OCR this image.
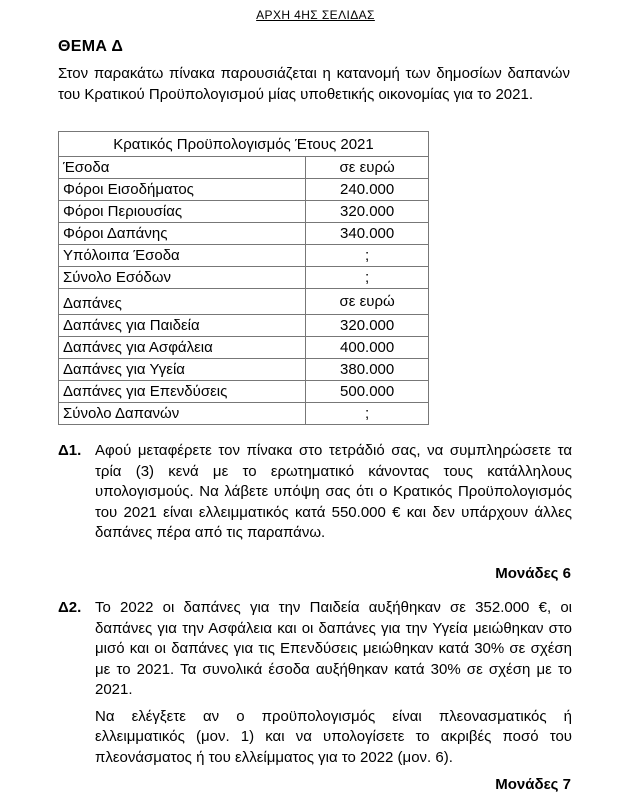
ΑΡΧΗ 4ΗΣ ΣΕΛΙΔΑΣ
ΘΕΜΑ Δ
Στον παρακάτω πίνακα παρουσιάζεται η κατανομή των δημοσίων δαπανών του Κρατικού Προϋπολογισμού μίας υποθετικής οικονομίας για το 2021.
Κρατικός Προϋπολογισμός Έτους 2021	
Έσοδα	σε ευρώ
Φόροι Εισοδήματος	240.000
Φόροι Περιουσίας	320.000
Φόροι Δαπάνης	340.000
Υπόλοιπα Έσοδα	;
Σύνολο Εσόδων	;
Δαπάνες	σε ευρώ
Δαπάνες για Παιδεία	320.000
Δαπάνες για Ασφάλεια	400.000
Δαπάνες για Υγεία	380.000
Δαπάνες για Επενδύσεις	500.000
Σύνολο Δαπανών	;
Δ1. Αφού μεταφέρετε τον πίνακα στο τετράδιό σας, να συμπληρώσετε τα τρία (3) κενά με το ερωτηματικό κάνοντας τους κατάλληλους υπολογισμούς. Να λάβετε υπόψη σας ότι ο Κρατικός Προϋπολογισμός του 2021 είναι ελλειμματικός κατά 550.000 € και δεν υπάρχουν άλλες δαπάνες πέρα από τις παραπάνω.

Μονάδες 6
Δ2. Το 2022 οι δαπάνες για την Παιδεία αυξήθηκαν σε 352.000 €, οι δαπάνες για την Ασφάλεια και οι δαπάνες για την Υγεία μειώθηκαν στο μισό και οι δαπάνες για τις Επενδύσεις μειώθηκαν κατά 30% σε σχέση με το 2021. Τα συνολικά έσοδα αυξήθηκαν κατά 30% σε σχέση με το 2021.

Να ελέγξετε αν ο προϋπολογισμός είναι πλεονασματικός ή ελλειμματικός (μον. 1) και να υπολογίσετε το ακριβές ποσό του πλεονάσματος ή του ελλείμματος για το 2022 (μον. 6).

Μονάδες 7
